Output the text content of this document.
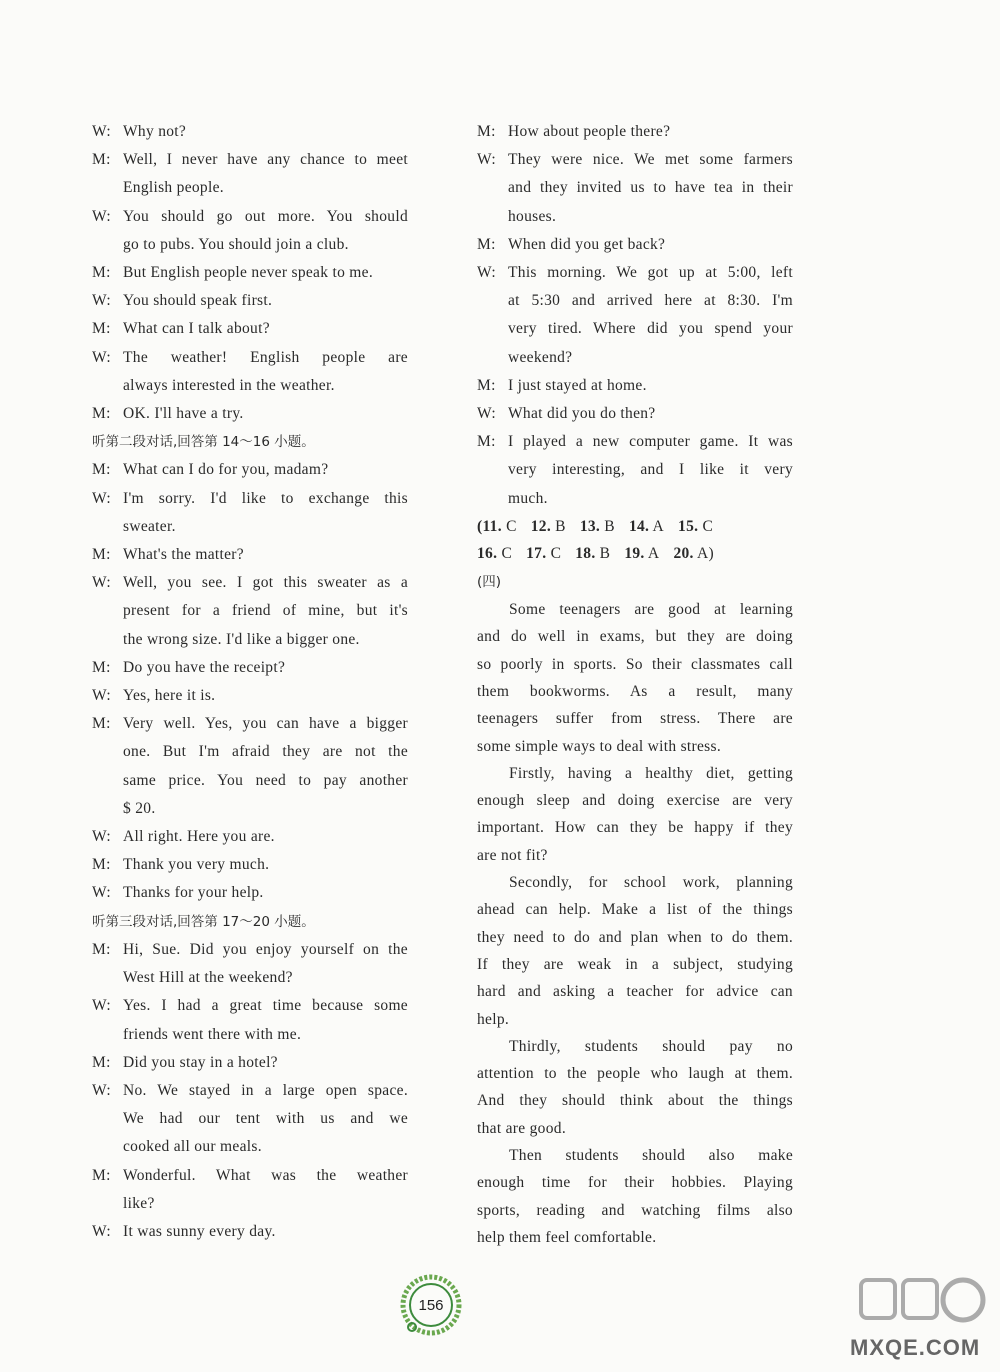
W: Why not?
M: Well, I never have any chance to meet
English people.
W: You should go out more. You should
go to pubs. You should join a club.
M: But English people never speak to me.
W: You should speak first.
M: What can I talk about?
W: The weather! English people are
always interested in the weather.
M: OK. I'll have a try.
听第二段对话,回答第 14～16 小题。
M: What can I do for you, madam?
W: I'm sorry. I'd like to exchange this
sweater.
M: What's the matter?
W: Well, you see. I got this sweater as a
present for a friend of mine, but it's
the wrong size. I'd like a bigger one.
M: Do you have the receipt?
W: Yes, here it is.
M: Very well. Yes, you can have a bigger
one. But I'm afraid they are not the
same price. You need to pay another
$ 20.
W: All right. Here you are.
M: Thank you very much.
W: Thanks for your help.
听第三段对话,回答第 17～20 小题。
M: Hi, Sue. Did you enjoy yourself on the
West Hill at the weekend?
W: Yes. I had a great time because some
friends went there with me.
M: Did you stay in a hotel?
W: No. We stayed in a large open space.
We had our tent with us and we
cooked all our meals.
M: Wonderful. What was the weather
like?
W: It was sunny every day.
M: How about people there?
W: They were nice. We met some farmers
and they invited us to have tea in their
houses.
M: When did you get back?
W: This morning. We got up at 5:00, left
at 5:30 and arrived here at 8:30. I'm
very tired. Where did you spend your
weekend?
M: I just stayed at home.
W: What did you do then?
M: I played a new computer game. It was
very interesting, and I like it very
much.
(11. C 12. B 13. B 14. A 15. C
16. C 17. C 18. B 19. A 20. A)
(四)
Some teenagers are good at learning
and do well in exams, but they are doing
so poorly in sports. So their classmates call
them bookworms. As a result, many
teenagers suffer from stress. There are
some simple ways to deal with stress.
Firstly, having a healthy diet, getting
enough sleep and doing exercise are very
important. How can they be happy if they
are not fit?
Secondly, for school work, planning
ahead can help. Make a list of the things
they need to do and plan when to do them.
If they are weak in a subject, studying
hard and asking a teacher for advice can
help.
Thirdly, students should pay no
attention to the people who laugh at them.
And they should think about the things
that are good.
Then students should also make
enough time for their hobbies. Playing
sports, reading and watching films also
help them feel comfortable.
156
MXQE.COM
